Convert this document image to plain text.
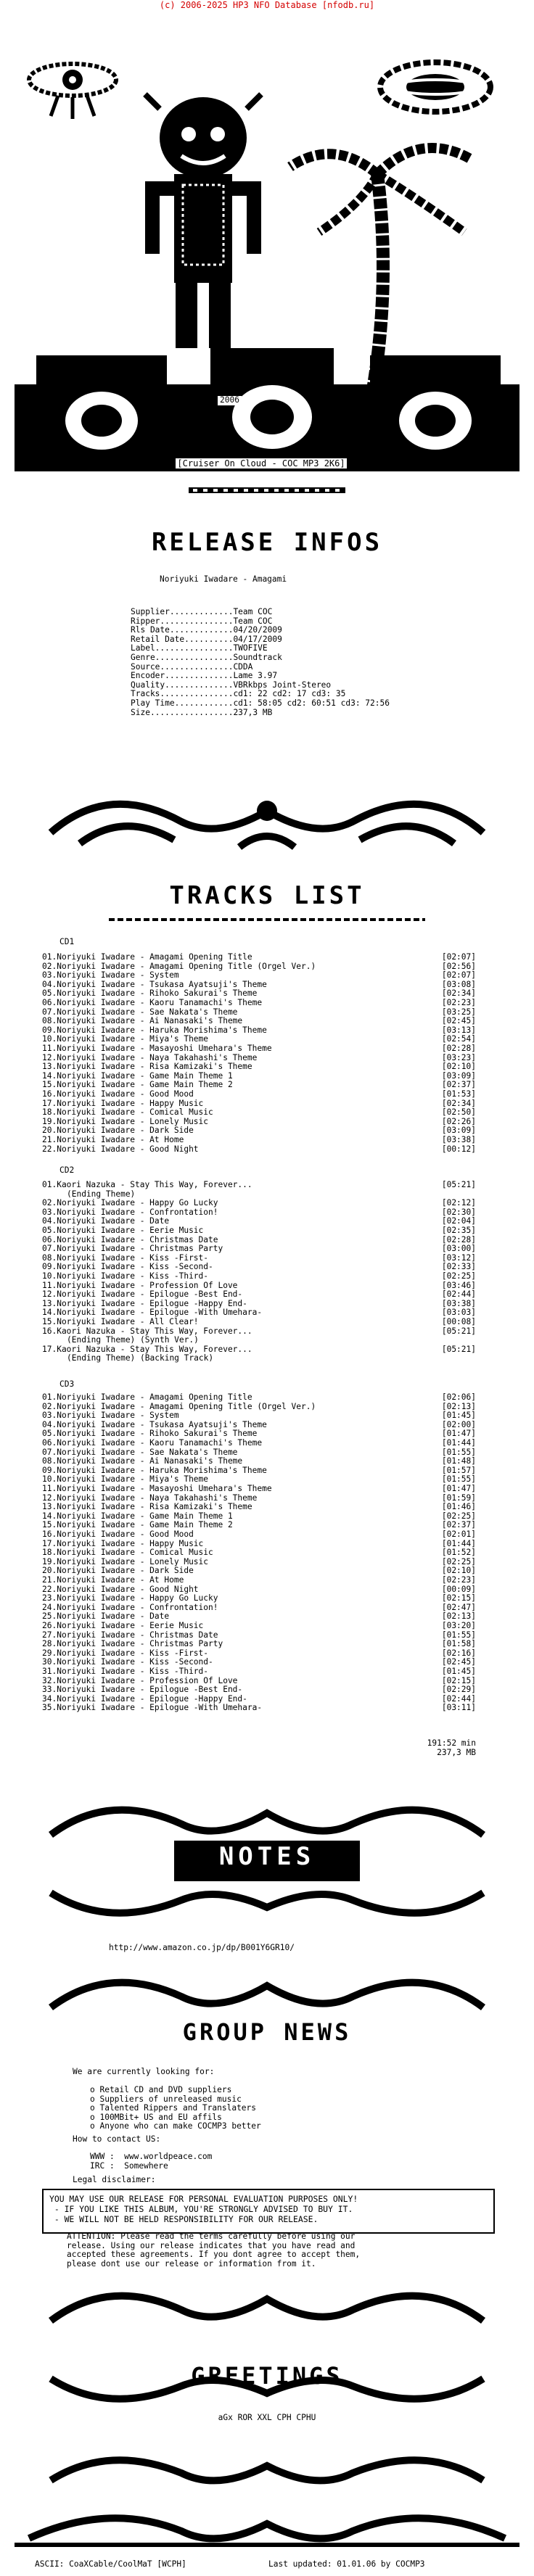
(c) 2006-2025 HP3 NFO Database [nfodb.ru]
cXc/CPHU
2006
[Cruiser On Cloud - COC MP3 2K6]
RELEASE INFOS
Noriyuki Iwadare - Amagami
Supplier.............Team COC
Ripper...............Team COC
Rls Date.............04/20/2009
Retail Date..........04/17/2009
Label................TWOFIVE
Genre................Soundtrack
Source...............CDDA
Encoder..............Lame 3.97
Quality..............VBRkbps Joint-Stereo
Tracks...............cd1: 22 cd2: 17 cd3: 35
Play Time............cd1: 58:05 cd2: 60:51 cd3: 72:56
Size.................237,3 MB
TRACKS LIST
CD1
01.Noriyuki Iwadare - Amagami Opening Title	[02:07]
02.Noriyuki Iwadare - Amagami Opening Title (Orgel Ver.)	[02:56]
03.Noriyuki Iwadare - System	[02:07]
04.Noriyuki Iwadare - Tsukasa Ayatsuji's Theme	[03:08]
05.Noriyuki Iwadare - Rihoko Sakurai's Theme	[02:34]
06.Noriyuki Iwadare - Kaoru Tanamachi's Theme	[02:23]
07.Noriyuki Iwadare - Sae Nakata's Theme	[03:25]
08.Noriyuki Iwadare - Ai Nanasaki's Theme	[02:45]
09.Noriyuki Iwadare - Haruka Morishima's Theme	[03:13]
10.Noriyuki Iwadare - Miya's Theme	[02:54]
11.Noriyuki Iwadare - Masayoshi Umehara's Theme	[02:28]
12.Noriyuki Iwadare - Naya Takahashi's Theme	[03:23]
13.Noriyuki Iwadare - Risa Kamizaki's Theme	[02:10]
14.Noriyuki Iwadare - Game Main Theme 1	[03:09]
15.Noriyuki Iwadare - Game Main Theme 2	[02:37]
16.Noriyuki Iwadare - Good Mood	[01:53]
17.Noriyuki Iwadare - Happy Music	[02:34]
18.Noriyuki Iwadare - Comical Music	[02:50]
19.Noriyuki Iwadare - Lonely Music	[02:26]
20.Noriyuki Iwadare - Dark Side	[03:09]
21.Noriyuki Iwadare - At Home	[03:38]
22.Noriyuki Iwadare - Good Night	[00:12]
CD2
01.Kaori Nazuka - Stay This Way, Forever...	[05:21]
(Ending Theme)
02.Noriyuki Iwadare - Happy Go Lucky	[02:12]
03.Noriyuki Iwadare - Confrontation!	[02:30]
04.Noriyuki Iwadare - Date	[02:04]
05.Noriyuki Iwadare - Eerie Music	[02:35]
06.Noriyuki Iwadare - Christmas Date	[02:28]
07.Noriyuki Iwadare - Christmas Party	[03:00]
08.Noriyuki Iwadare - Kiss -First-	[03:12]
09.Noriyuki Iwadare - Kiss -Second-	[02:33]
10.Noriyuki Iwadare - Kiss -Third-	[02:25]
11.Noriyuki Iwadare - Profession Of Love	[03:46]
12.Noriyuki Iwadare - Epilogue -Best End-	[02:44]
13.Noriyuki Iwadare - Epilogue -Happy End-	[03:38]
14.Noriyuki Iwadare - Epilogue -With Umehara-	[03:03]
15.Noriyuki Iwadare - All Clear!	[00:08]
16.Kaori Nazuka - Stay This Way, Forever...	[05:21]
(Ending Theme) (Synth Ver.)
17.Kaori Nazuka - Stay This Way, Forever...	[05:21]
(Ending Theme) (Backing Track)
CD3
01.Noriyuki Iwadare - Amagami Opening Title	[02:06]
02.Noriyuki Iwadare - Amagami Opening Title (Orgel Ver.)	[02:13]
03.Noriyuki Iwadare - System	[01:45]
04.Noriyuki Iwadare - Tsukasa Ayatsuji's Theme	[02:00]
05.Noriyuki Iwadare - Rihoko Sakurai's Theme	[01:47]
06.Noriyuki Iwadare - Kaoru Tanamachi's Theme	[01:44]
07.Noriyuki Iwadare - Sae Nakata's Theme	[01:55]
08.Noriyuki Iwadare - Ai Nanasaki's Theme	[01:48]
09.Noriyuki Iwadare - Haruka Morishima's Theme	[01:57]
10.Noriyuki Iwadare - Miya's Theme	[01:55]
11.Noriyuki Iwadare - Masayoshi Umehara's Theme	[01:47]
12.Noriyuki Iwadare - Naya Takahashi's Theme	[01:59]
13.Noriyuki Iwadare - Risa Kamizaki's Theme	[01:46]
14.Noriyuki Iwadare - Game Main Theme 1	[02:25]
15.Noriyuki Iwadare - Game Main Theme 2	[02:37]
16.Noriyuki Iwadare - Good Mood	[02:01]
17.Noriyuki Iwadare - Happy Music	[01:44]
18.Noriyuki Iwadare - Comical Music	[01:52]
19.Noriyuki Iwadare - Lonely Music	[02:25]
20.Noriyuki Iwadare - Dark Side	[02:10]
21.Noriyuki Iwadare - At Home	[02:23]
22.Noriyuki Iwadare - Good Night	[00:09]
23.Noriyuki Iwadare - Happy Go Lucky	[02:15]
24.Noriyuki Iwadare - Confrontation!	[02:47]
25.Noriyuki Iwadare - Date	[02:13]
26.Noriyuki Iwadare - Eerie Music	[03:20]
27.Noriyuki Iwadare - Christmas Date	[01:55]
28.Noriyuki Iwadare - Christmas Party	[01:58]
29.Noriyuki Iwadare - Kiss -First-	[02:16]
30.Noriyuki Iwadare - Kiss -Second-	[02:45]
31.Noriyuki Iwadare - Kiss -Third-	[01:45]
32.Noriyuki Iwadare - Profession Of Love	[02:15]
33.Noriyuki Iwadare - Epilogue -Best End-	[02:29]
34.Noriyuki Iwadare - Epilogue -Happy End-	[02:44]
35.Noriyuki Iwadare - Epilogue -With Umehara-	[03:11]
191:52 min
237,3 MB
NOTES
http://www.amazon.co.jp/dp/B001Y6GR10/
GROUP NEWS
We are currently looking for:
o Retail CD and DVD suppliers
o Suppliers of unreleased music
o Talented Rippers and Translaters
o 100MBit+ US and EU affils
o Anyone who can make COCMP3 better
How to contact US:
WWW :  www.worldpeace.com
IRC :  Somewhere
Legal disclaimer:
YOU MAY USE OUR RELEASE FOR PERSONAL EVALUATION PURPOSES ONLY!
- IF YOU LIKE THIS ALBUM, YOU'RE STRONGLY ADVISED TO BUY IT.
- WE WILL NOT BE HELD RESPONSIBILITY FOR OUR RELEASE.
ATTENTION: Please read the terms carefully before using our
release. Using our release indicates that you have read and
accepted these agreements. If you dont agree to accept them,
please dont use our release or information from it.
GREETINGS
aGx ROR XXL CPH CPHU
ASCII: CoaXCable/CoolMaT [WCPH]	Last updated: 01.01.06 by COCMP3
